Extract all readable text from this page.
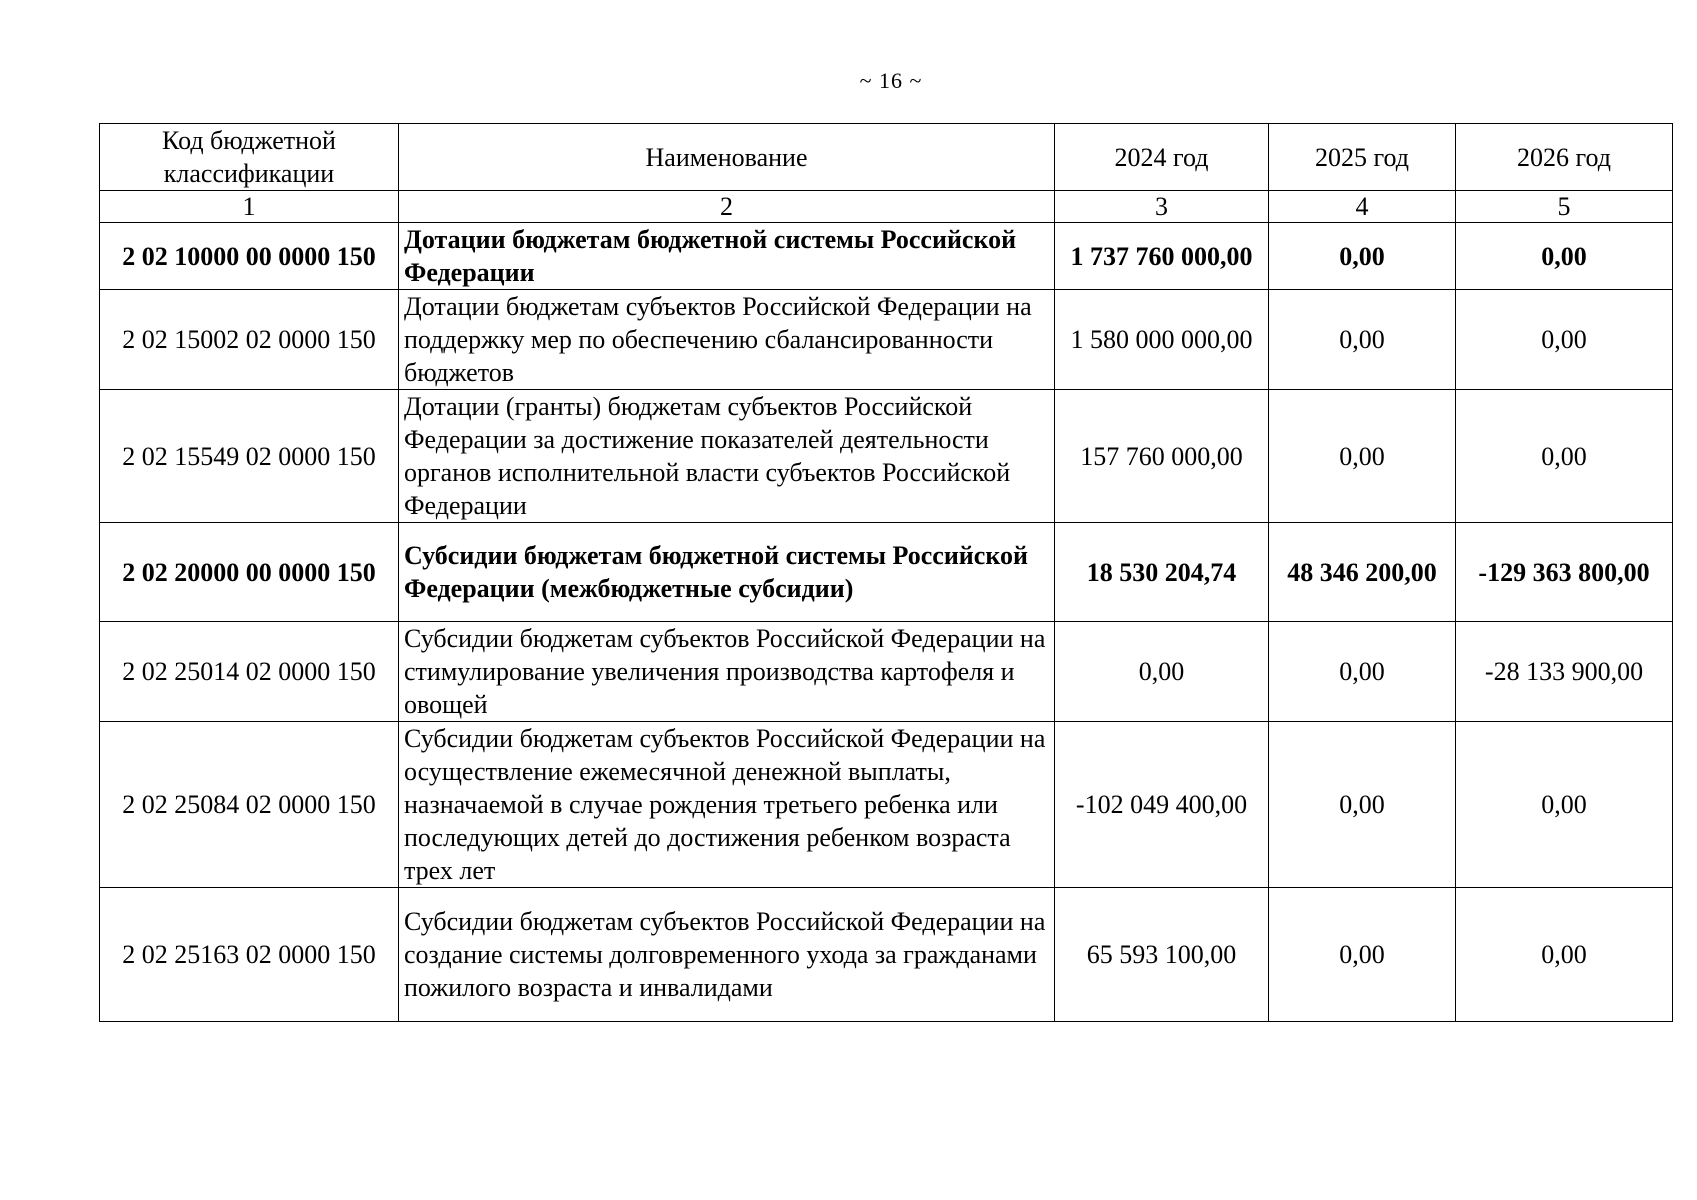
~ 16 ~
Код бюджетной классификации	Наименование	2024 год	2025 год	2026 год
1	2	3	4	5
2 02 10000 00 0000 150	Дотации бюджетам бюджетной системы Российской Федерации	1 737 760 000,00	0,00	0,00
2 02 15002 02 0000 150	Дотации бюджетам субъектов Российской Федерации на поддержку мер по обеспечению сбалансированности бюджетов	1 580 000 000,00	0,00	0,00
2 02 15549 02 0000 150	Дотации (гранты) бюджетам субъектов Российской Федерации за достижение показателей деятельности органов исполнительной власти субъектов Российской Федерации	157 760 000,00	0,00	0,00
2 02 20000 00 0000 150	Субсидии бюджетам бюджетной системы Российской Федерации (межбюджетные субсидии)	18 530 204,74	48 346 200,00	-129 363 800,00
2 02 25014 02 0000 150	Субсидии бюджетам субъектов Российской Федерации на стимулирование увеличения производства картофеля и овощей	0,00	0,00	-28 133 900,00
2 02 25084 02 0000 150	Субсидии бюджетам субъектов Российской Федерации на осуществление ежемесячной денежной выплаты, назначаемой в случае рождения третьего ребенка или последующих детей до достижения ребенком возраста трех лет	-102 049 400,00	0,00	0,00
2 02 25163 02 0000 150	Субсидии бюджетам субъектов Российской Федерации на создание системы долговременного ухода за гражданами пожилого возраста и инвалидами	65 593 100,00	0,00	0,00
